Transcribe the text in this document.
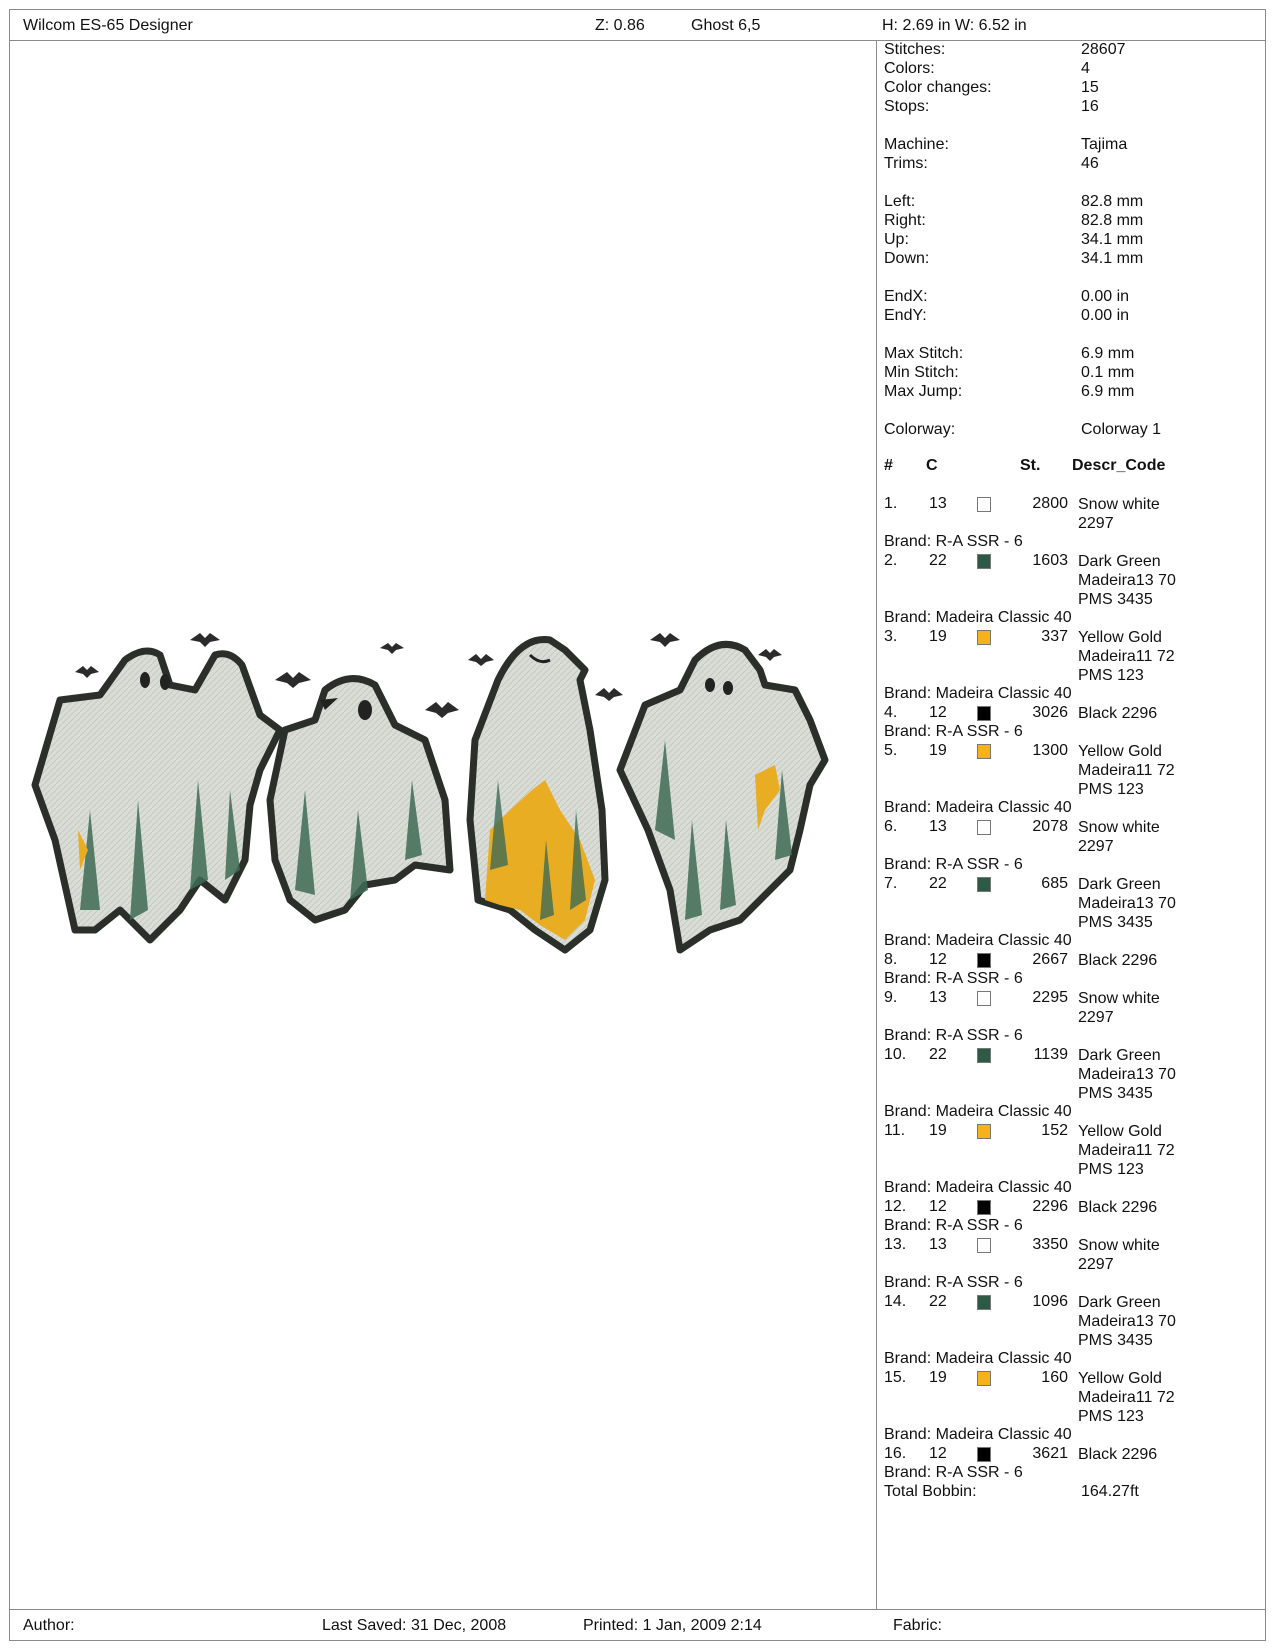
Wilcom ES-65 Designer	Z: 0.86	Ghost 6,5	H: 2.69 in W: 6.52 in
Stitches:	28607
Colors:	4
Color changes:	15
Stops:	16
Machine:	Tajima
Trims:	46
Left:	82.8 mm
Right:	82.8 mm
Up:	34.1 mm
Down:	34.1 mm
EndX:	0.00 in
EndY:	0.00 in
Max Stitch:	6.9 mm
Min Stitch:	0.1 mm
Max Jump:	6.9 mm
Colorway:	Colorway 1
# C	St. Descr_Code
1. 13	2800 Snow white
2297
Brand: R-A SSR - 6
2. 22	1603 Dark Green
Madeira13 70
PMS 3435
Brand: Madeira Classic 40
3. 19	337 Yellow Gold
Madeira11 72
PMS 123
Brand: Madeira Classic 40
4. 12	3026 Black 2296
Brand: R-A SSR - 6
5. 19	1300 Yellow Gold
Madeira11 72
PMS 123
Brand: Madeira Classic 40
6. 13	2078 Snow white
2297
Brand: R-A SSR - 6
7. 22	685 Dark Green
Madeira13 70
PMS 3435
Brand: Madeira Classic 40
8. 12	2667 Black 2296
Brand: R-A SSR - 6
9. 13	2295 Snow white
2297
Brand: R-A SSR - 6
10. 22	1139 Dark Green
Madeira13 70
PMS 3435
Brand: Madeira Classic 40
11. 19	152 Yellow Gold
Madeira11 72
PMS 123
Brand: Madeira Classic 40
12. 12	2296 Black 2296
Brand: R-A SSR - 6
13. 13	3350 Snow white
2297
Brand: R-A SSR - 6
14. 22	1096 Dark Green
Madeira13 70
PMS 3435
Brand: Madeira Classic 40
15. 19	160 Yellow Gold
Madeira11 72
PMS 123
Brand: Madeira Classic 40
16. 12	3621 Black 2296
Brand: R-A SSR - 6
Total Bobbin:	164.27ft
Author:	Last Saved: 31 Dec, 2008	Printed: 1 Jan, 2009 2:14	Fabric:
